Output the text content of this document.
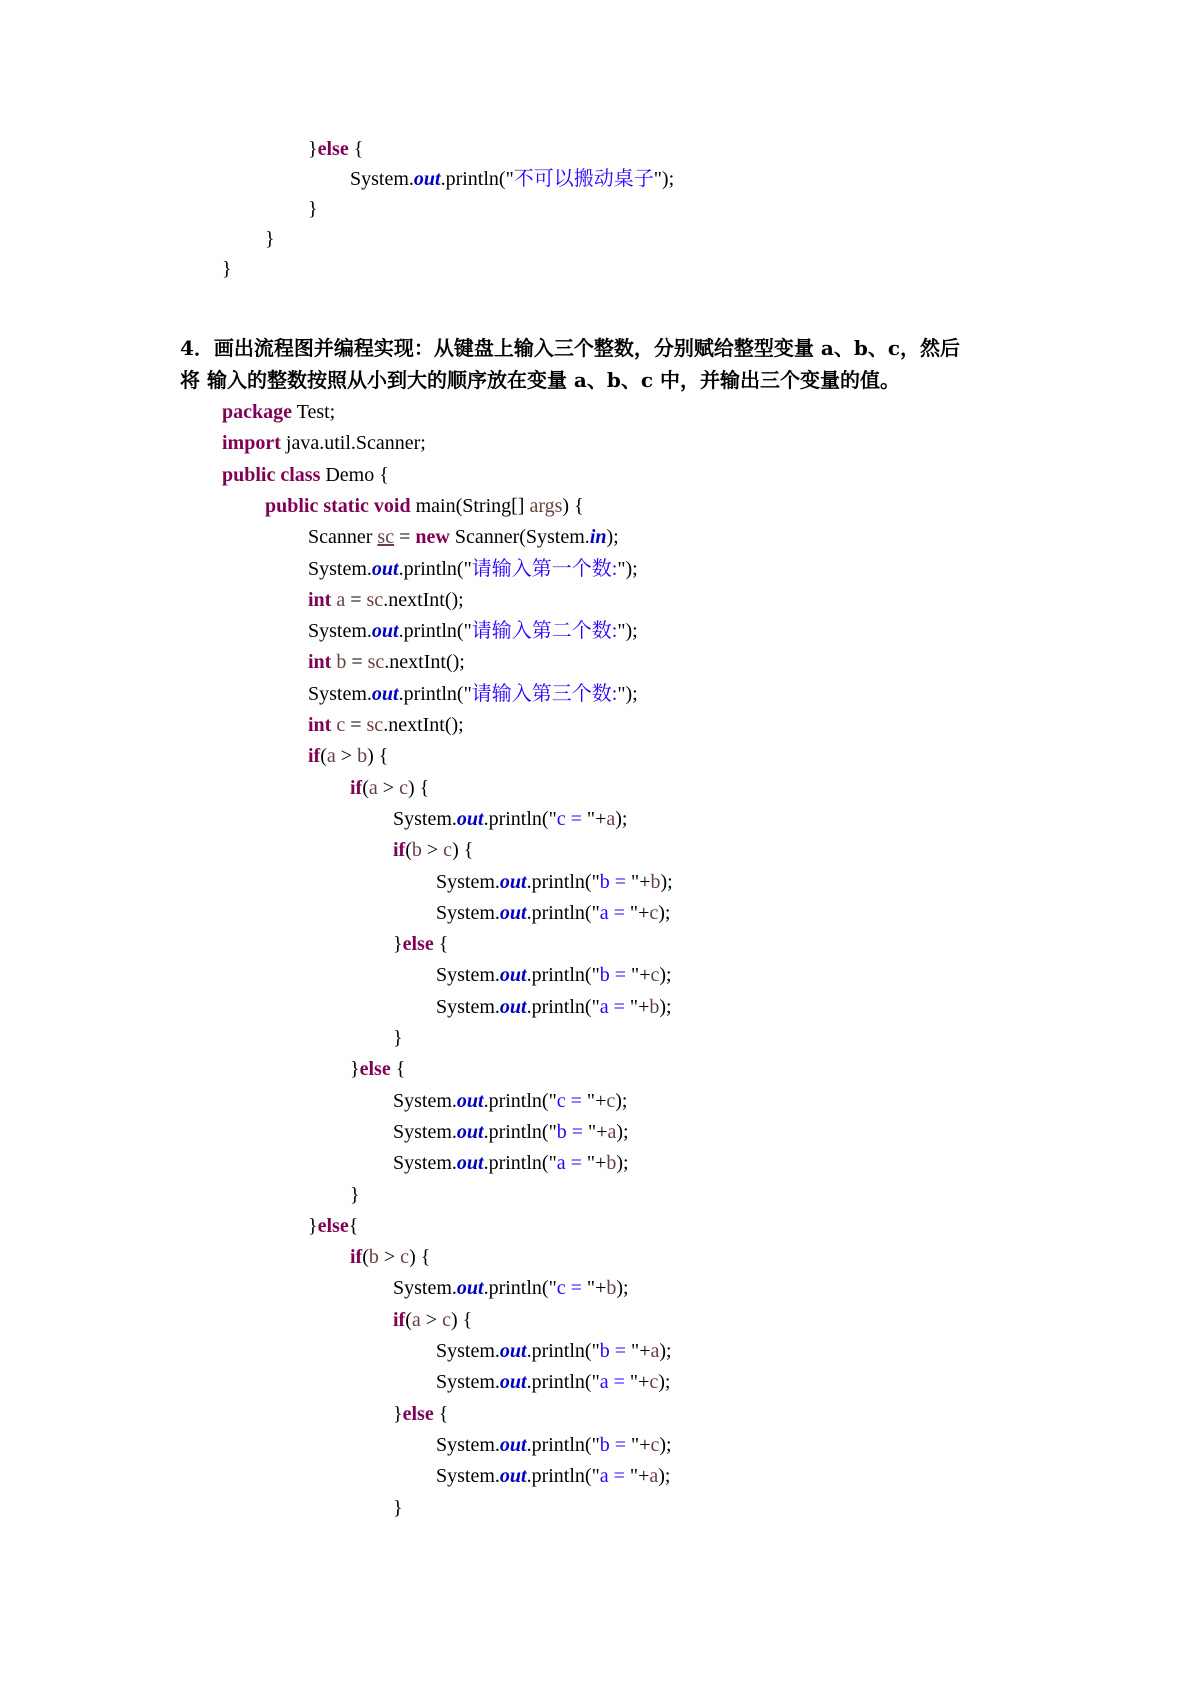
}else {
System.out.println("不可以搬动桌子");
}
}
}
4．画出流程图并编程实现：从键盘上输入三个整数，分别赋给整型变量 a、b、c，然后
将 输入的整数按照从小到大的顺序放在变量 a、b、c 中，并输出三个变量的值。
package Test;
import java.util.Scanner;
public class Demo {
public static void main(String[] args) {
Scanner sc = new Scanner(System.in);
System.out.println("请输入第一个数:");
int a = sc.nextInt();
System.out.println("请输入第二个数:");
int b = sc.nextInt();
System.out.println("请输入第三个数:");
int c = sc.nextInt();
if(a > b) {
if(a > c) {
System.out.println("c = "+a);
if(b > c) {
System.out.println("b = "+b);
System.out.println("a = "+c);
}else {
System.out.println("b = "+c);
System.out.println("a = "+b);
}
}else {
System.out.println("c = "+c);
System.out.println("b = "+a);
System.out.println("a = "+b);
}
}else{
if(b > c) {
System.out.println("c = "+b);
if(a > c) {
System.out.println("b = "+a);
System.out.println("a = "+c);
}else {
System.out.println("b = "+c);
System.out.println("a = "+a);
}
